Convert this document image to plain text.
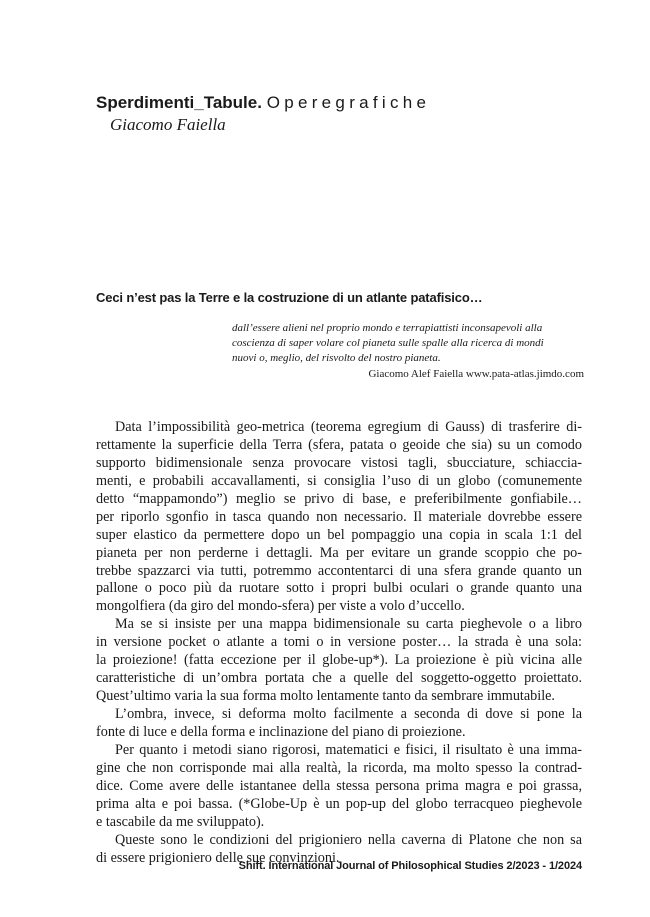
Sperdimenti_Tabule. Operegrafiche
Giacomo Faiella
Ceci n’est pas la Terre e la costruzione di un atlante patafisico…
dall’essere alieni nel proprio mondo e terrapiattisti inconsapevoli alla
coscienza di saper volare col pianeta sulle spalle alla ricerca di mondi
nuovi o, meglio, del risvolto del nostro pianeta.
Giacomo Alef Faiella www.pata-atlas.jimdo.com
Data l’impossibilità geo-metrica (teorema egregium di Gauss) di trasferire di-
rettamente la superficie della Terra (sfera, patata o geoide che sia) su un comodo
supporto bidimensionale senza provocare vistosi tagli, sbucciature, schiaccia-
menti, e probabili accavallamenti, si consiglia l’uso di un globo (comunemente
detto “mappamondo”) meglio se privo di base, e preferibilmente gonfiabile…
per riporlo sgonfio in tasca quando non necessario. Il materiale dovrebbe essere
super elastico da permettere dopo un bel pompaggio una copia in scala 1:1 del
pianeta per non perderne i dettagli. Ma per evitare un grande scoppio che po-
trebbe spazzarci via tutti, potremmo accontentarci di una sfera grande quanto un
pallone o poco più da ruotare sotto i propri bulbi oculari o grande quanto una
mongolfiera (da giro del mondo-sfera) per viste a volo d’uccello.
Ma se si insiste per una mappa bidimensionale su carta pieghevole o a libro
in versione pocket o atlante a tomi o in versione poster… la strada è una sola:
la proiezione! (fatta eccezione per il globe-up*). La proiezione è più vicina alle
caratteristiche di un’ombra portata che a quelle del soggetto-oggetto proiettato.
Quest’ultimo varia la sua forma molto lentamente tanto da sembrare immutabile.
L’ombra, invece, si deforma molto facilmente a seconda di dove si pone la
fonte di luce e della forma e inclinazione del piano di proiezione.
Per quanto i metodi siano rigorosi, matematici e fisici, il risultato è una imma-
gine che non corrisponde mai alla realtà, la ricorda, ma molto spesso la contrad-
dice. Come avere delle istantanee della stessa persona prima magra e poi grassa,
prima alta e poi bassa. (*Globe-Up è un pop-up del globo terracqueo pieghevole
e tascabile da me sviluppato).
Queste sono le condizioni del prigioniero nella caverna di Platone che non sa
di essere prigioniero delle sue convinzioni.
Shift. International Journal of Philosophical Studies 2/2023 - 1/2024
